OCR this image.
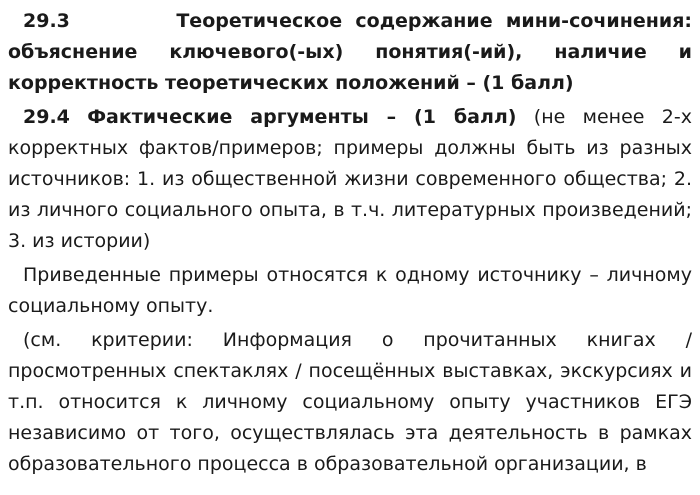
29.3	Теоретическое содержание мини-сочинения: объяснение ключевого(-ых) понятия(-ий), наличие и корректность теоретических положений – (1 балл)

29.4 Фактические аргументы – (1 балл) (не менее 2-х корректных фактов/примеров; примеры должны быть из разных источников: 1. из общественной жизни современного общества; 2. из личного социального опыта, в т.ч. литературных произведений; 3. из истории)

Приведенные примеры относятся к одному источнику – личному социальному опыту.

(см. критерии: Информация о прочитанных книгах / просмотренных спектаклях / посещённых выставках, экскурсиях и т.п. относится к личному социальному опыту участников ЕГЭ независимо от того, осуществлялась эта деятельность в рамках образовательного процесса в образовательной организации, в
